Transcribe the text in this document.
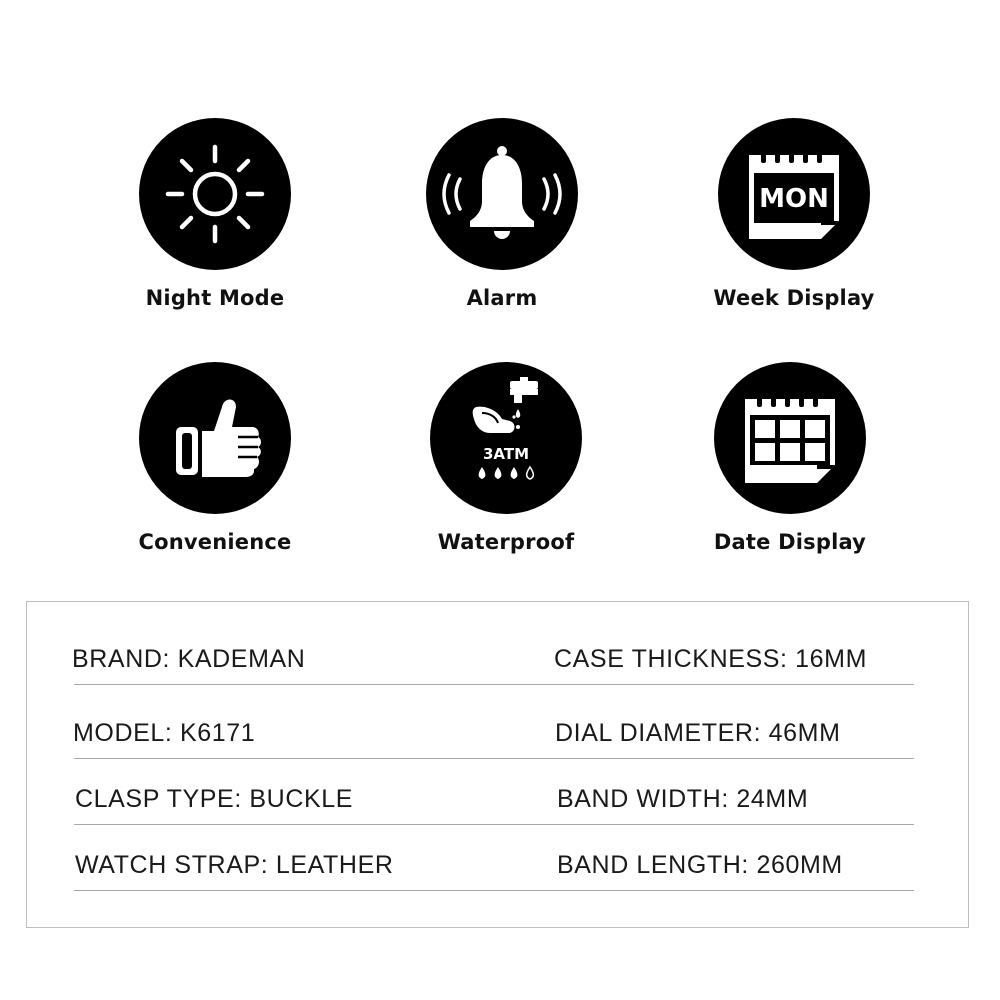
Night Mode	Alarm
MON
Week Display
Convenience
3ATM
Waterproof	Date Display
BRAND: KADEMAN	CASE THICKNESS: 16MM
MODEL: K6171	DIAL DIAMETER: 46MM
CLASP TYPE: BUCKLE	BAND WIDTH: 24MM
WATCH STRAP: LEATHER	BAND LENGTH: 260MM
